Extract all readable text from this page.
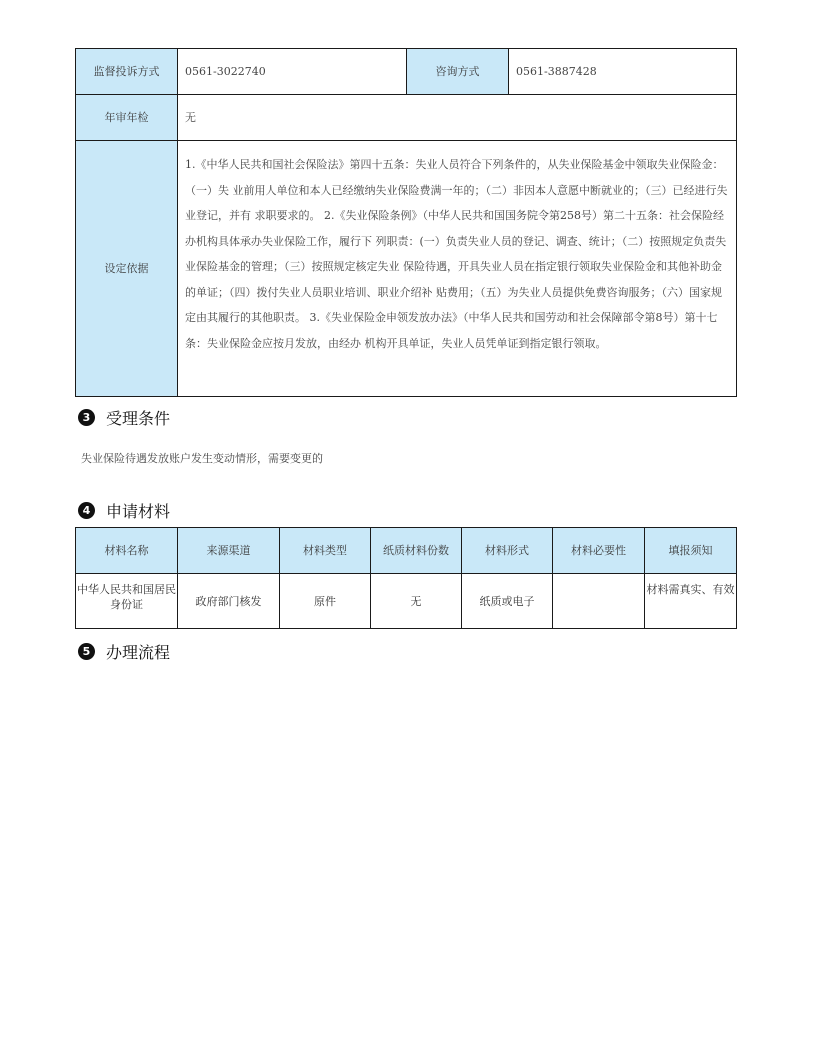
监督投诉方式	0561-3022740	咨询方式	0561-3887428
年审年检	无		
设定依据	1.《中华人民共和国社会保险法》第四十五条：失业人员符合下列条件的，从失业保险基金中领取失业保险金：（一）失 业前用人单位和本人已经缴纳失业保险费满一年的；（二）非因本人意愿中断就业的；（三）已经进行失业登记，并有 求职要求的。 2.《失业保险条例》（中华人民共和国国务院令第258号）第二十五条：社会保险经办机构具体承办失业保险工作，履行下 列职责：(一）负责失业人员的登记、调查、统计；（二）按照规定负责失业保险基金的管理；（三）按照规定核定失业 保险待遇，开具失业人员在指定银行领取失业保险金和其他补助金的单证；（四）拨付失业人员职业培训、职业介绍补 贴费用；（五）为失业人员提供免费咨询服务；（六）国家规定由其履行的其他职责。 3.《失业保险金申领发放办法》（中华人民共和国劳动和社会保障部令第8号）第十七条：失业保险金应按月发放，由经办 机构开具单证，失业人员凭单证到指定银行领取。		
3 受理条件
失业保险待遇发放账户发生变动情形，需要变更的
4 申请材料
材料名称	来源渠道	材料类型	纸质材料份数	材料形式	材料必要性	填报须知
中华人民共和国居民身份证	政府部门核发	原件	无	纸质或电子		材料需真实、有效
5 办理流程
